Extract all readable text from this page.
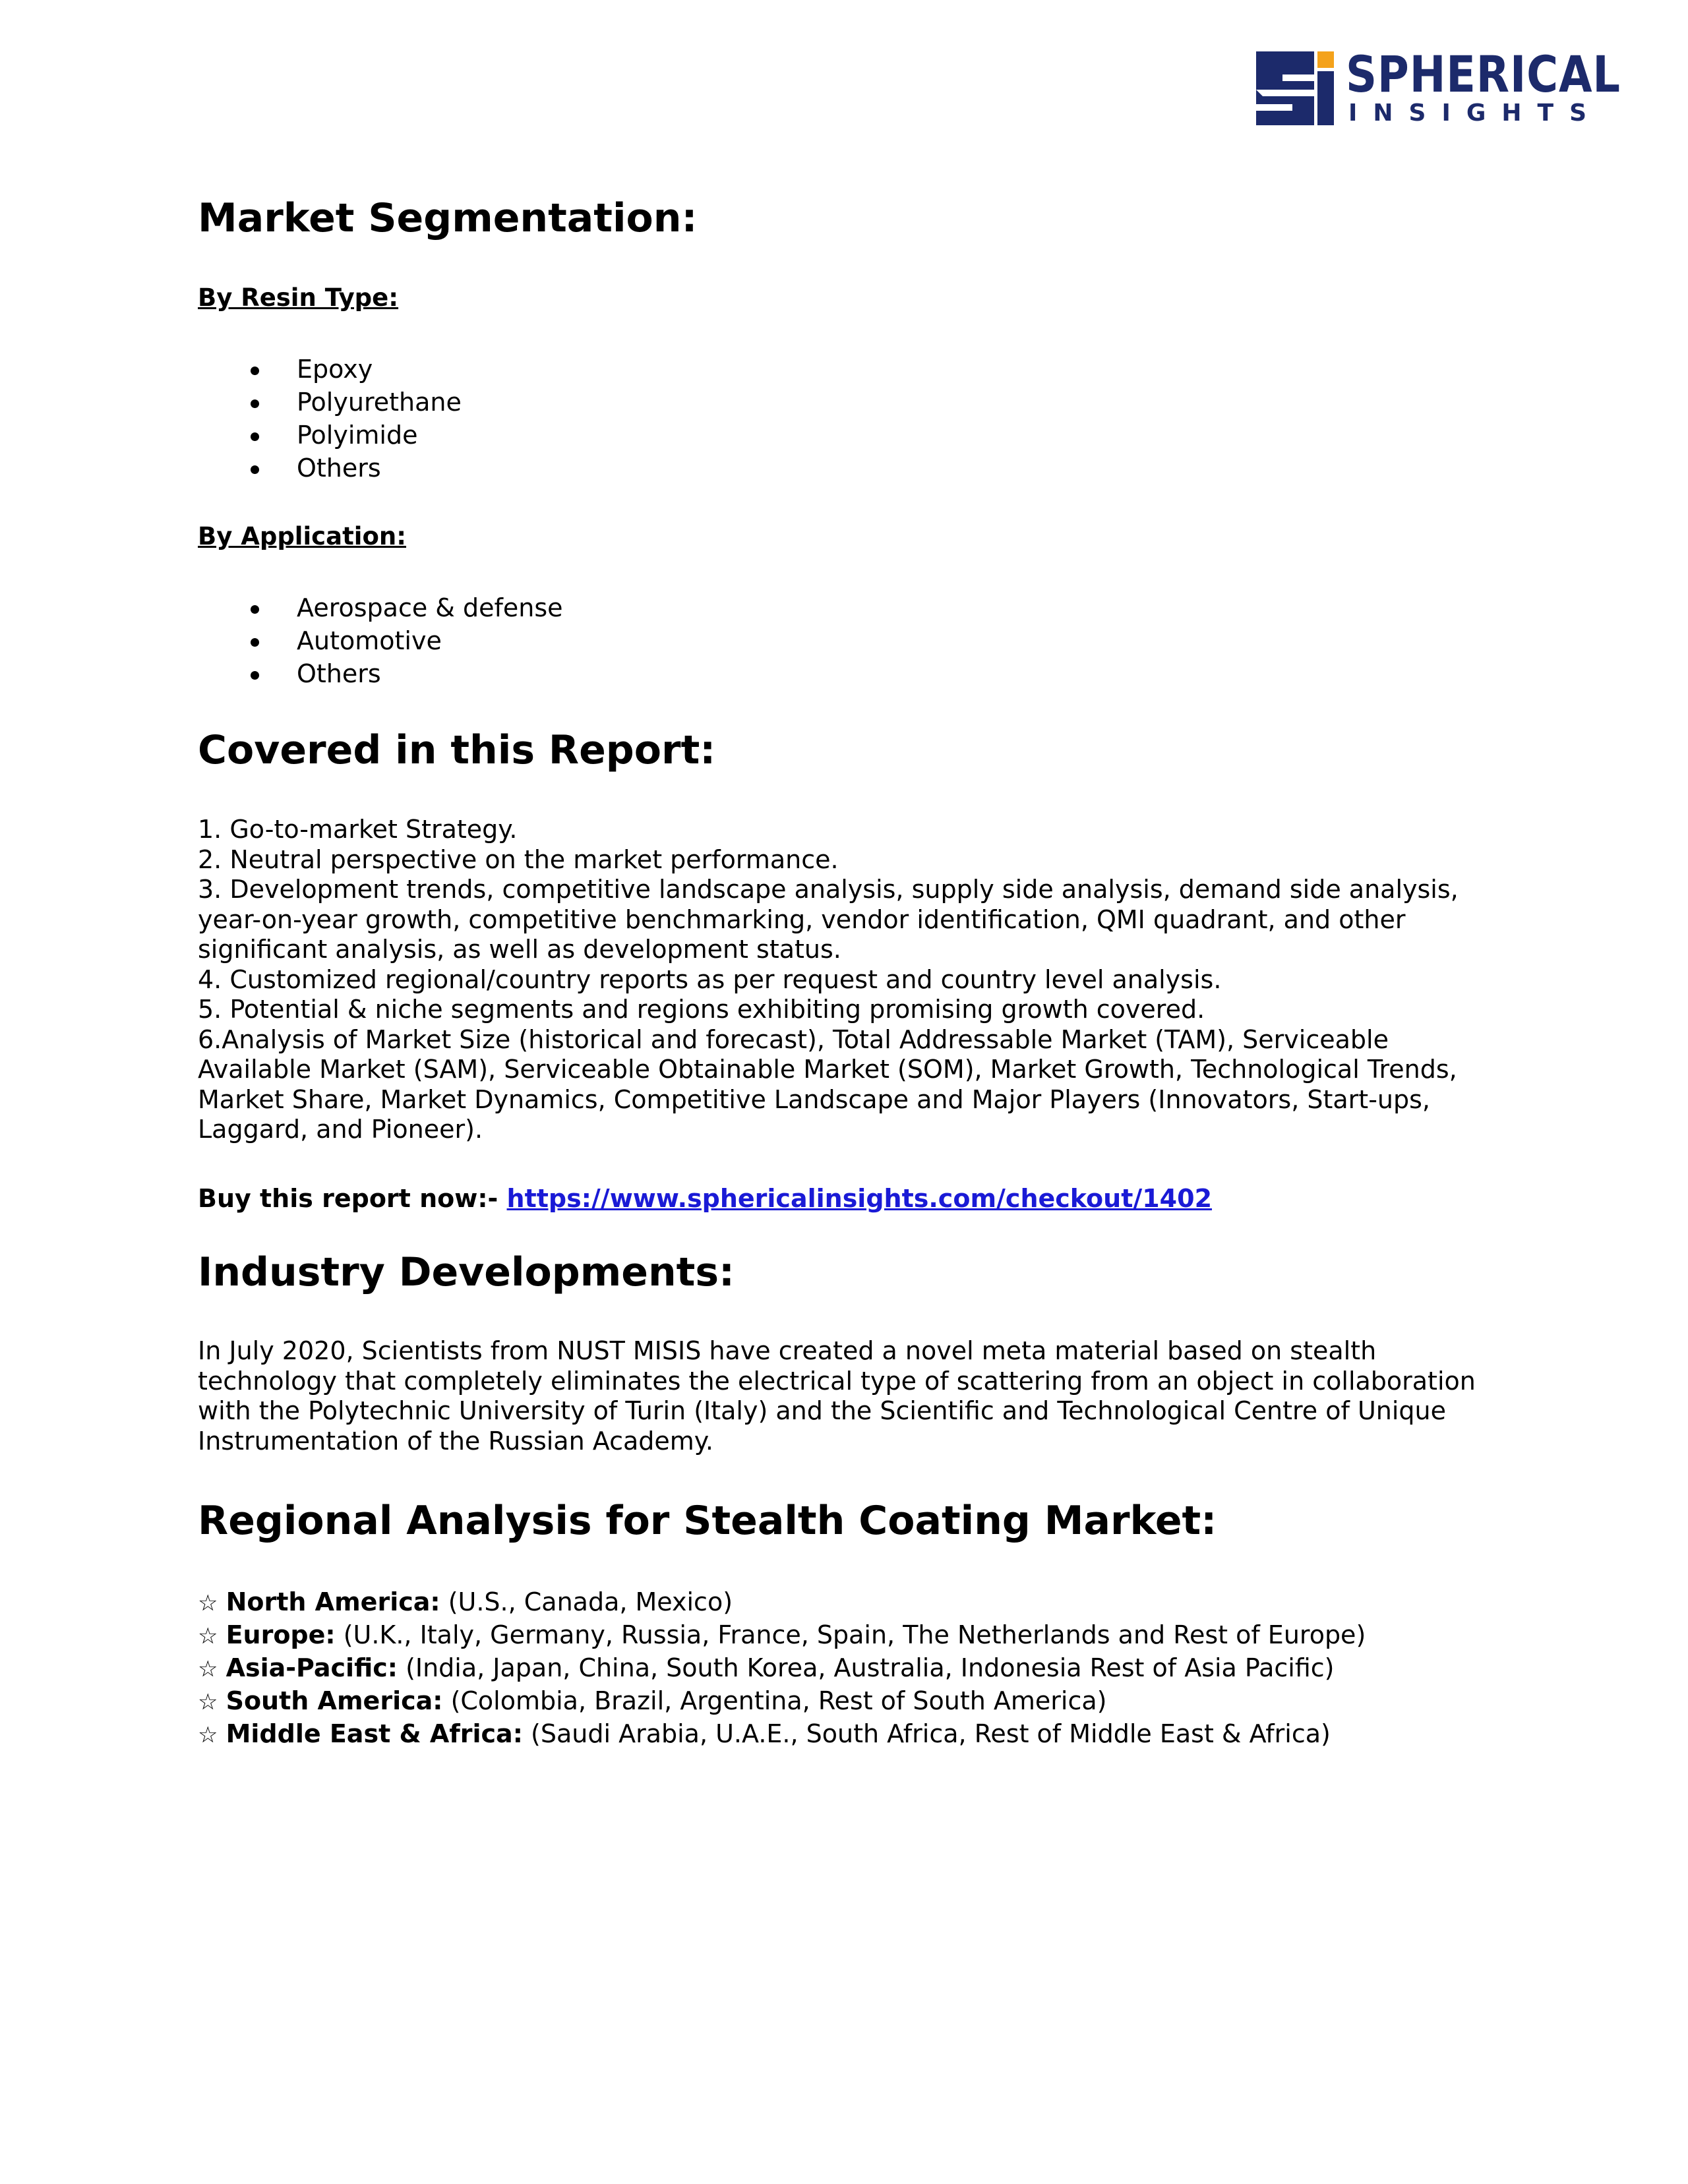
SPHERICAL
INSIGHTS
Market Segmentation:
By Resin Type:
Epoxy
Polyurethane
Polyimide
Others
By Application:
Aerospace & defense
Automotive
Others
Covered in this Report:

1. Go-to-market Strategy.

2. Neutral perspective on the market performance.

3. Development trends, competitive landscape analysis, supply side analysis, demand side analysis, year-on-year growth, competitive benchmarking, vendor identification, QMI quadrant, and other significant analysis, as well as development status.

4. Customized regional/country reports as per request and country level analysis.

5. Potential & niche segments and regions exhibiting promising growth covered.

6.Analysis of Market Size (historical and forecast), Total Addressable Market (TAM), Serviceable Available Market (SAM), Serviceable Obtainable Market (SOM), Market Growth, Technological Trends, Market Share, Market Dynamics, Competitive Landscape and Major Players (Innovators, Start-ups, Laggard, and Pioneer).

Buy this report now:- https://www.sphericalinsights.com/checkout/1402
Industry Developments:

In July 2020, Scientists from NUST MISIS have created a novel meta material based on stealth technology that completely eliminates the electrical type of scattering from an object in collaboration with the Polytechnic University of Turin (Italy) and the Scientific and Technological Centre of Unique Instrumentation of the Russian Academy.

Regional Analysis for Stealth Coating Market:
☆ North America: (U.S., Canada, Mexico)
☆ Europe: (U.K., Italy, Germany, Russia, France, Spain, The Netherlands and Rest of Europe)
☆ Asia-Pacific: (India, Japan, China, South Korea, Australia, Indonesia Rest of Asia Pacific)
☆ South America: (Colombia, Brazil, Argentina, Rest of South America)
☆ Middle East & Africa: (Saudi Arabia, U.A.E., South Africa, Rest of Middle East & Africa)
